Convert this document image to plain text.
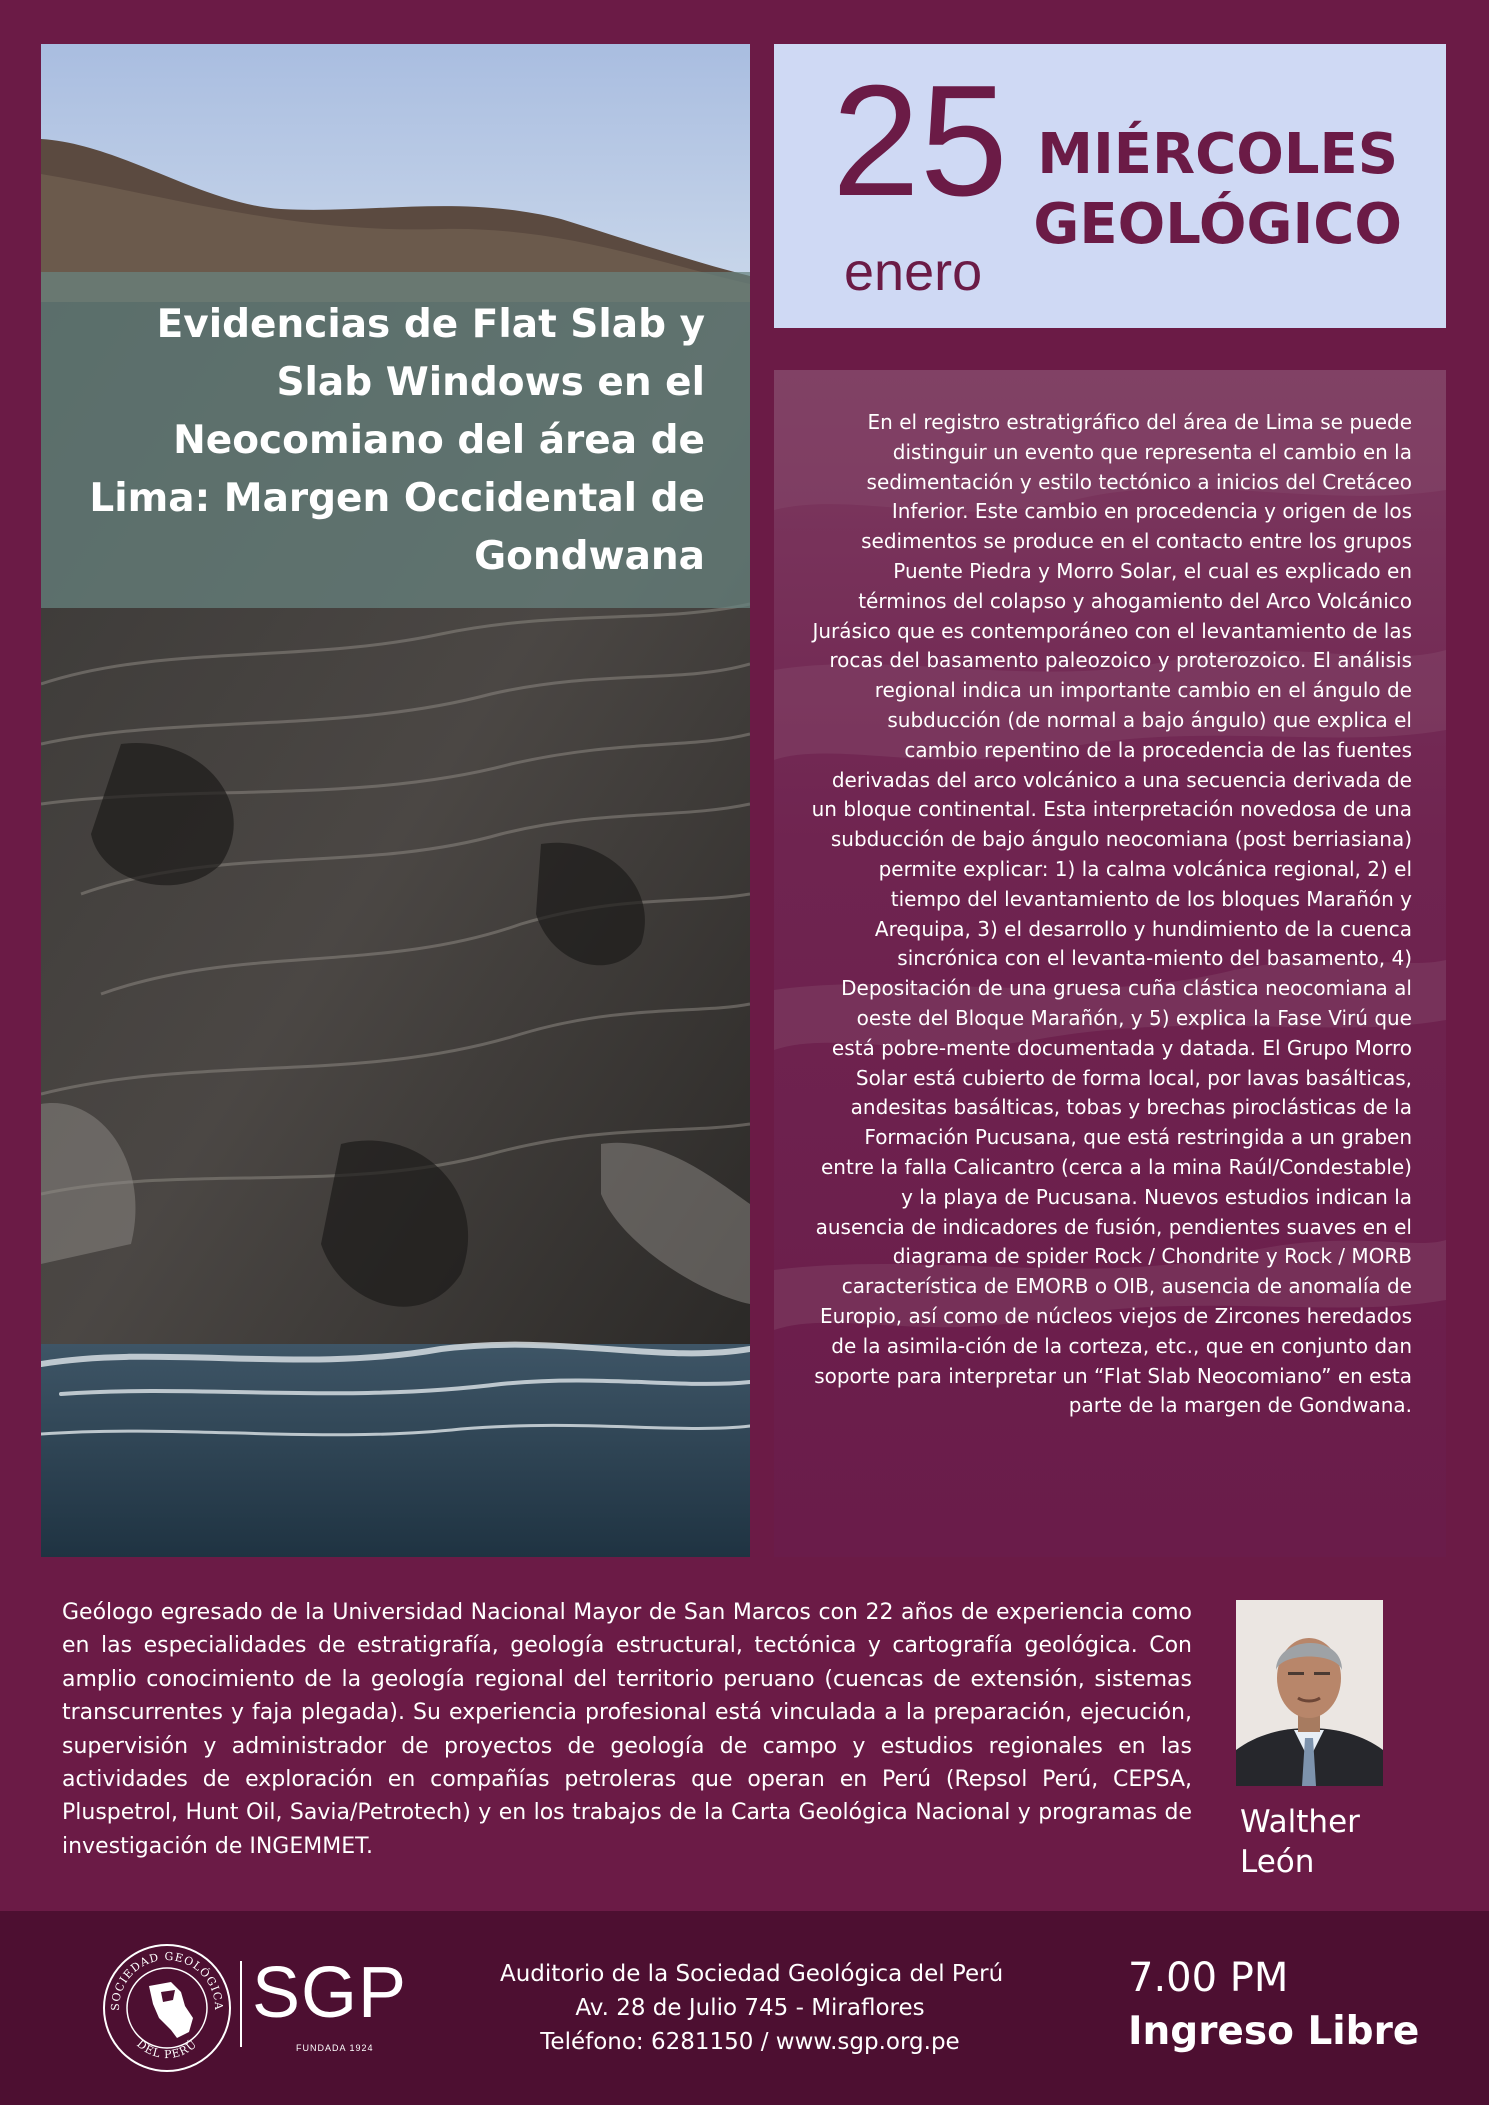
Evidencias de Flat Slab y Slab Windows en el Neocomiano del área de Lima: Margen Occidental de Gondwana
25
enero
MIÉRCOLES
GEOLÓGICO

En el registro estratigráfico del área de Lima se puede distinguir un evento que representa el cambio en la sedimentación y estilo tectónico a inicios del Cretáceo Inferior. Este cambio en procedencia y origen de los sedimentos se produce en el contacto entre los grupos Puente Piedra y Morro Solar, el cual es explicado en términos del colapso y ahogamiento del Arco Volcánico Jurásico que es contemporáneo con el levantamiento de las rocas del basamento paleozoico y proterozoico. El análisis regional indica un importante cambio en el ángulo de subducción (de normal a bajo ángulo) que explica el cambio repentino de la procedencia de las fuentes derivadas del arco volcánico a una secuencia derivada de un bloque continental. Esta interpretación novedosa de una subducción de bajo ángulo neocomiana (post berriasiana) permite explicar: 1) la calma volcánica regional, 2) el tiempo del levantamiento de los bloques Marañón y Arequipa, 3) el desarrollo y hundimiento de la cuenca sincrónica con el levanta-miento del basamento, 4) Depositación de una gruesa cuña clástica neocomiana al oeste del Bloque Marañón, y 5) explica la Fase Virú que está pobre-mente documentada y datada. El Grupo Morro Solar está cubierto de forma local, por lavas basálticas, andesitas basálticas, tobas y brechas piroclásticas de la Formación Pucusana, que está restringida a un graben entre la falla Calicantro (cerca a la mina Raúl/Condestable) y la playa de Pucusana. Nuevos estudios indican la ausencia de indicadores de fusión, pendientes suaves en el diagrama de spider Rock / Chondrite y Rock / MORB característica de EMORB o OIB, ausencia de anomalía de Europio, así como de núcleos viejos de Zircones heredados de la asimila-ción de la corteza, etc., que en conjunto dan soporte para interpretar un “Flat Slab Neocomiano” en esta parte de la margen de Gondwana.

Geólogo egresado de la Universidad Nacional Mayor de San Marcos con 22 años de experiencia como en las especialidades de estratigrafía, geología estructural, tectónica y cartografía geológica. Con amplio conocimiento de la geología regional del territorio peruano (cuencas de extensión, sistemas transcurrentes y faja plegada). Su experiencia profesional está vinculada a la preparación, ejecución, supervisión y administrador de proyectos de geología de campo y estudios regionales en las actividades de exploración en compañías petroleras que operan en Perú (Repsol Perú, CEPSA, Pluspetrol, Hunt Oil, Savia/Petrotech) y en los trabajos de la Carta Geológica Nacional y programas de investigación de INGEMMET.

Walther
León
SOCIEDAD GEOLÓGICA
DEL PERÚ
SGP
FUNDADA 1924
Auditorio de la Sociedad Geológica del Perú
Av. 28 de Julio 745 - Miraflores
Teléfono: 6281150 / www.sgp.org.pe
7.00 PM
Ingreso Libre
